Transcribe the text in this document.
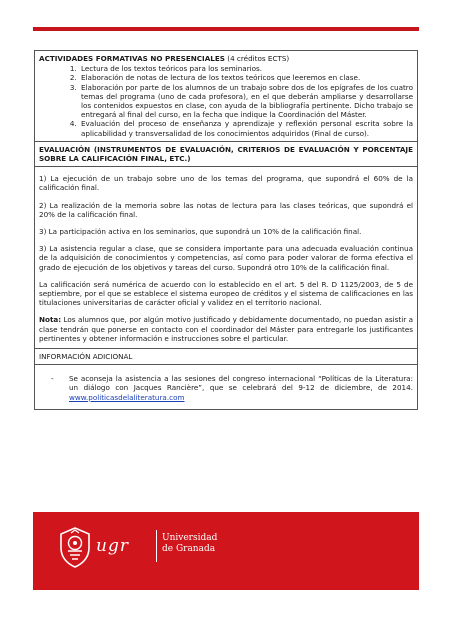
ACTIVIDADES FORMATIVAS NO PRESENCIALES (4 créditos ECTS)

1. Lectura de los textos teóricos para los seminarios.
2. Elaboración de notas de lectura de los textos teóricos que leeremos en clase.
3. Elaboración por parte de los alumnos de un trabajo sobre dos de los epígrafes de los cuatro temas del programa (uno de cada profesora), en el que deberán ampliarse y desarrollarse los contenidos expuestos en clase, con ayuda de la bibliografía pertinente. Dicho trabajo se entregará al final del curso, en la fecha que indique la Coordinación del Máster.
4. Evaluación del proceso de enseñanza y aprendizaje y reflexión personal escrita sobre la aplicabilidad y transversalidad de los conocimientos adquiridos (Final de curso).

EVALUACIÓN (INSTRUMENTOS DE EVALUACIÓN, CRITERIOS DE EVALUACIÓN Y PORCENTAJE SOBRE LA CALIFICACIÓN FINAL, ETC.)

1) La ejecución de un trabajo sobre uno de los temas del programa, que supondrá el 60% de la calificación final.

2) La realización de la memoria sobre las notas de lectura para las clases teóricas, que supondrá el 20% de la calificación final.

3) La participación activa en los seminarios, que supondrá un 10% de la calificación final.

3) La asistencia regular a clase, que se considera importante para una adecuada evaluación continua de la adquisición de conocimientos y competencias, así como para poder valorar de forma efectiva el grado de ejecución de los objetivos y tareas del curso. Supondrá otro 10% de la calificación final.

La calificación será numérica de acuerdo con lo establecido en el art. 5 del R. D 1125/2003, de 5 de septiembre, por el que se establece el sistema europeo de créditos y el sistema de calificaciones en las titulaciones universitarias de carácter oficial y validez en el territorio nacional.

Nota: Los alumnos que, por algún motivo justificado y debidamente documentado, no puedan asistir a clase tendrán que ponerse en contacto con el coordinador del Máster para entregarle los justificantes pertinentes y obtener información e instrucciones sobre el particular.

INFORMACIÓN ADICIONAL

- Se aconseja la asistencia a las sesiones del congreso internacional “Políticas de la Literatura: un diálogo con Jacques Rancière”, que se celebrará del 9-12 de diciembre, de 2014. www.politicasdelaliteratura.com
ugr	Universidad
de Granada
